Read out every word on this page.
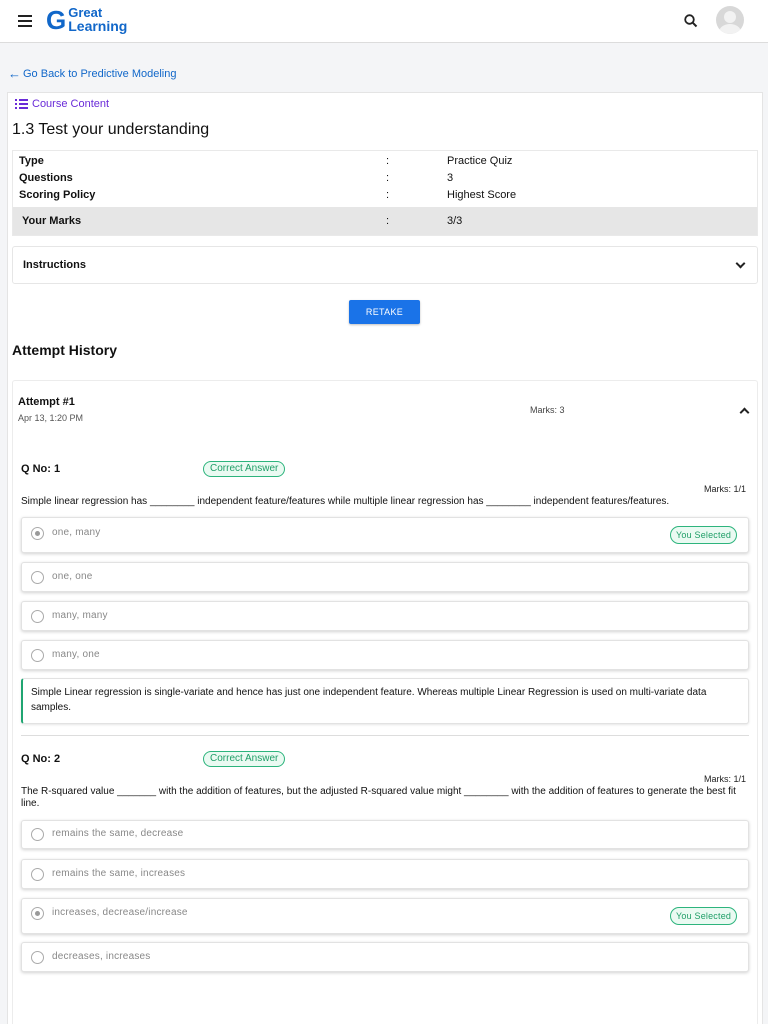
G Great
Learning
← Go Back to Predictive Modeling
Course Content
1.3 Test your understanding
Type	:	Practice Quiz
Questions	:	3
Scoring Policy	:	Highest Score
Your Marks	:	3/3
Instructions
RETAKE
Attempt History
Attempt #1
Apr 13, 1:20 PM
Marks: 3
Q No: 1	Correct Answer
Marks: 1/1
Simple linear regression has ________ independent feature/features while multiple linear regression has ________ independent features/features.
one, many	You Selected
one, one
many, many
many, one
Simple Linear regression is single-variate and hence has just one independent feature. Whereas multiple Linear Regression is used on multi-variate data samples.
Q No: 2	Correct Answer
Marks: 1/1
The R-squared value _______ with the addition of features, but the adjusted R-squared value might ________ with the addition of features to generate the best fit line.
remains the same, decrease
remains the same, increases
increases, decrease/increase	You Selected
decreases, increases
